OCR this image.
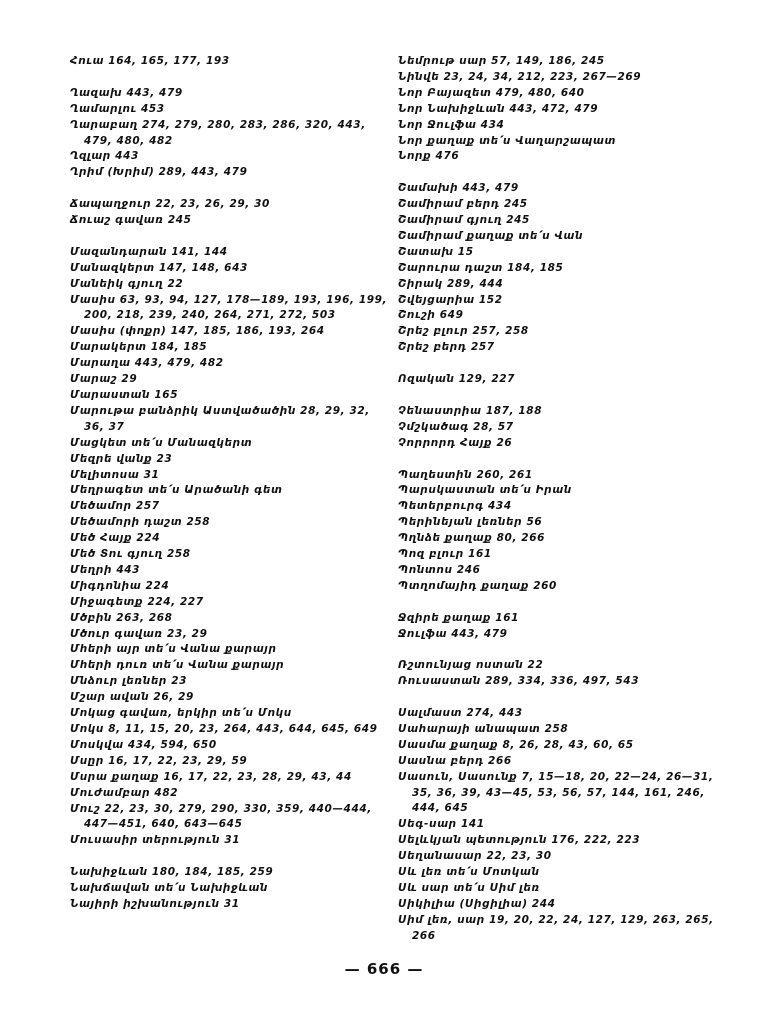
Հուա 164, 165, 177, 193
Ղազախ 443, 479
Ղամարլու 453
Ղարաբաղ 274, 279, 280, 283, 286, 320, 443, 479, 480, 482
Ղզլար 443
Ղրիմ (Խրիմ) 289, 443, 479
Ճապաղջուր 22, 23, 26, 29, 30
Ճուաշ գավառ 245
Մազանդարան 141, 144
Մանազկերտ 147, 148, 643
Մանեիկ գյուղ 22
Մասիս 63, 93, 94, 127, 178—189, 193, 196, 199, 200, 218, 239, 240, 264, 271, 272, 503
Մասիս (փոքր) 147, 185, 186, 193, 264
Մարակերտ 184, 185
Մարաղա 443, 479, 482
Մարաշ 29
Մարաստան 165
Մարութա բանձրիկ Աստվածածին 28, 29, 32, 36, 37
Մացկետ տե՛ս Մանազկերտ
Մեզրե վանք 23
Մելիտոսա 31
Մեղրագետ տե՛ս Արածանի գետ
Մեծամոր 257
Մեծամորի դաշտ 258
Մեծ Հայք 224
Մեծ Տու գյուղ 258
Մեղրի 443
Միգդոնիա 224
Միջագետք 224, 227
Մծբին 263, 268
Մծուր գավառ 23, 29
Մհերի այր տե՛ս Վանա քարայր
Մհերի դուռ տե՛ս Վանա քարայր
Մնձուր լեռներ 23
Մշար ավան 26, 29
Մոկաց գավառ, երկիր տե՛ս Մոկս
Մոկս 8, 11, 15, 20, 23, 264, 443, 644, 645, 649
Մոսկվա 434, 594, 650
Մսըր 16, 17, 22, 23, 29, 59
Մսրա քաղաք 16, 17, 22, 23, 28, 29, 43, 44
Մուժամբար 482
Մուշ 22, 23, 30, 279, 290, 330, 359, 440—444, 447—451, 640, 643—645
Մուսասիր տերություն 31
Նախիջևան 180, 184, 185, 259
Նախճավան տե՛ս Նախիջևան
Նայիրի իշխանություն 31
Նեմրութ սար 57, 149, 186, 245
Նինվե 23, 24, 34, 212, 223, 267—269
Նոր Բայազետ 479, 480, 640
Նոր Նախիջևան 443, 472, 479
Նոր Ջուլֆա 434
Նոր քաղաք տե՛ս Վաղարշապատ
Նորք 476
Շամախի 443, 479
Շամիրամ բերդ 245
Շամիրամ գյուղ 245
Շամիրամ քաղաք տե՛ս Վան
Շատախ 15
Շարուրա դաշտ 184, 185
Շիրակ 289, 444
Շվեյցարիա 152
Շուշի 649
Շրեշ բլուր 257, 258
Շրեշ բերդ 257
Ոզական 129, 227
Չենաստրիա 187, 188
Չմշկածագ 28, 57
Չորրորդ Հայք 26
Պաղեստին 260, 261
Պարսկաստան տե՛ս Իրան
Պետերբուրգ 434
Պերինեյան լեռներ 56
Պղնձե քաղաք 80, 266
Պոզ բլուր 161
Պոնտոս 246
Պտղոմայիդ քաղաք 260
Ջզիրե քաղաք 161
Ջուլֆա 443, 479
Ռշտունյաց ոստան 22
Ռուսաստան 289, 334, 336, 497, 543
Սալմաստ 274, 443
Սահարայի անապատ 258
Սասմա քաղաք 8, 26, 28, 43, 60, 65
Սասնա բերդ 266
Սասուն, Սասունք 7, 15—18, 20, 22—24, 26—31, 35, 36, 39, 43—45, 53, 56, 57, 144, 161, 246, 444, 645
Սեգ-սար 141
Սելևկյան պետություն 176, 222, 223
Սեղանասար 22, 23, 30
Սև լեռ տե՛ս Մոտկան
Սև սար տե՛ս Սիմ լեռ
Սիկիլիա (Սիցիլիա) 244
Սիմ լեռ, սար 19, 20, 22, 24, 127, 129, 263, 265, 266
— 666 —
